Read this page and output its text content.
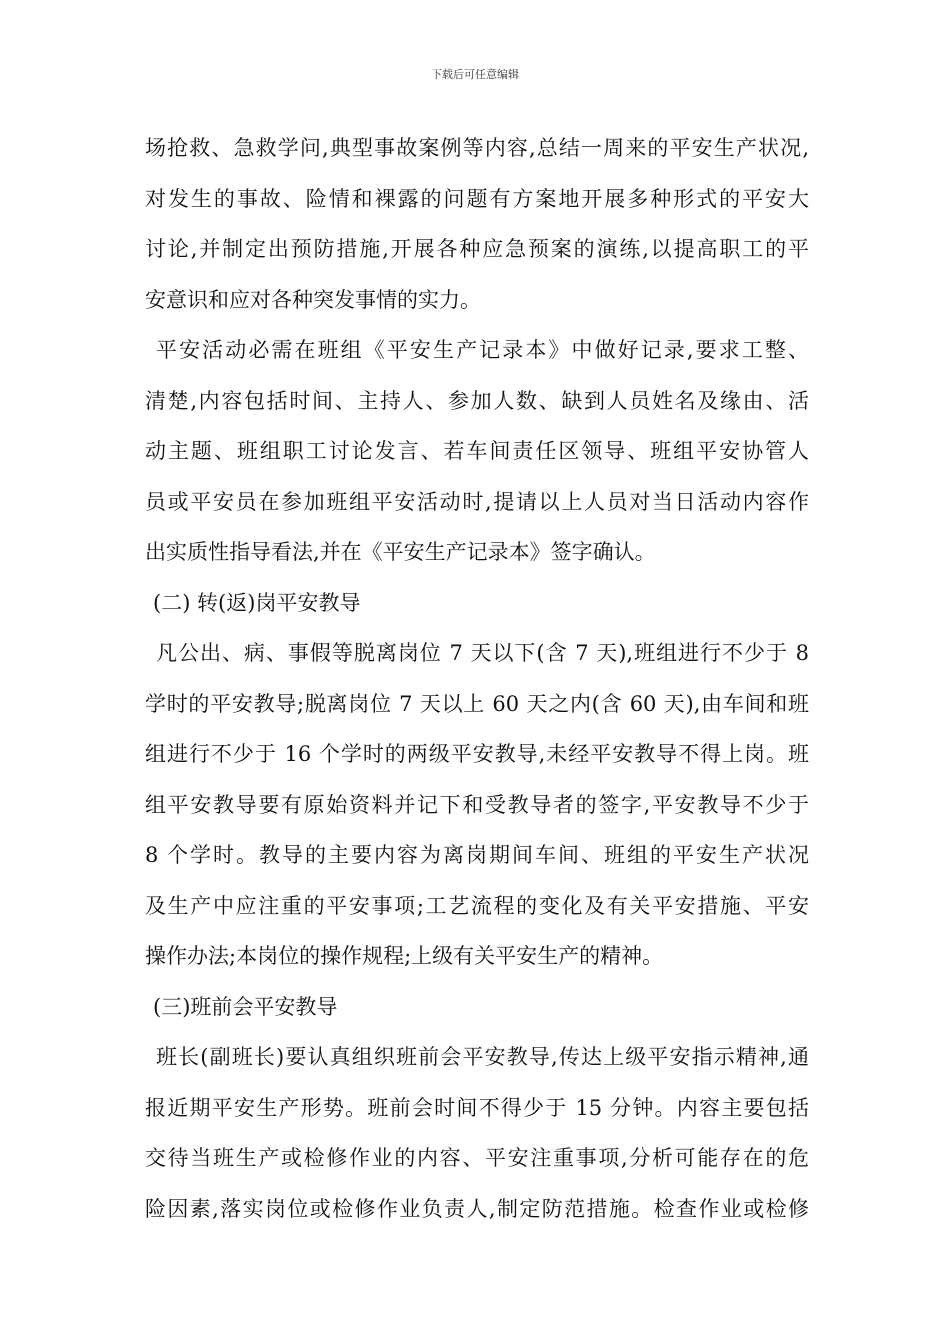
下载后可任意编辑
场抢救、急救学问,典型事故案例等内容,总结一周来的平安生产状况,
对发生的事故、险情和裸露的问题有方案地开展多种形式的平安大
讨论,并制定出预防措施,开展各种应急预案的演练,以提高职工的平
安意识和应对各种突发事情的实力。
平安活动必需在班组《平安生产记录本》中做好记录,要求工整、
清楚,内容包括时间、主持人、参加人数、缺到人员姓名及缘由、活
动主题、班组职工讨论发言、若车间责任区领导、班组平安协管人
员或平安员在参加班组平安活动时,提请以上人员对当日活动内容作
出实质性指导看法,并在《平安生产记录本》签字确认。
(二) 转(返)岗平安教导
凡公出、病、事假等脱离岗位 7 天以下(含 7 天),班组进行不少于 8
学时的平安教导;脱离岗位 7 天以上 60 天之内(含 60 天),由车间和班
组进行不少于 16 个学时的两级平安教导,未经平安教导不得上岗。班
组平安教导要有原始资料并记下和受教导者的签字,平安教导不少于
8 个学时。教导的主要内容为离岗期间车间、班组的平安生产状况
及生产中应注重的平安事项;工艺流程的变化及有关平安措施、平安
操作办法;本岗位的操作规程;上级有关平安生产的精神。
(三)班前会平安教导
班长(副班长)要认真组织班前会平安教导,传达上级平安指示精神,通
报近期平安生产形势。班前会时间不得少于 15 分钟。内容主要包括
交待当班生产或检修作业的内容、平安注重事项,分析可能存在的危
险因素,落实岗位或检修作业负责人,制定防范措施。检查作业或检修
